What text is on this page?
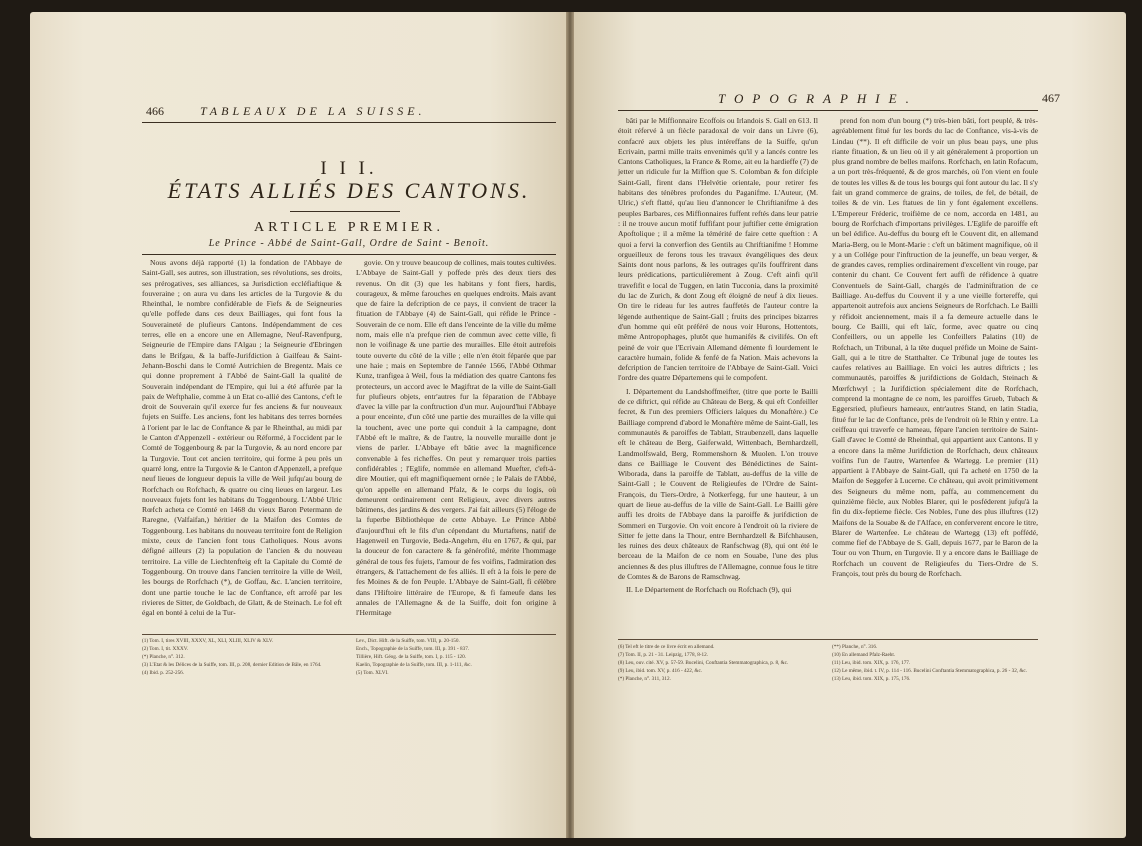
466	TABLEAUX DE LA SUISSE.
I I I.
ÉTATS ALLIÉS DES CANTONS.
ARTICLE PREMIER.
Le Prince - Abbé de Saint-Gall, Ordre de Saint - Benoît.

Nous avons déjà rapporté (1) la fondation de l'Abbaye de Saint-Gall, ses autres, son illustration, ses révolutions, ses droits, ses prérogatives, ses alliances, sa Jurisdiction eccléfiaftique & fouveraine ; on aura vu dans les articles de la Turgovie & du Rheinthal, le nombre confidérable de Fiefs & de Seigneuries qu'elle poffede dans ces deux Bailliages, qui font fous la Souveraineté de plufieurs Cantons. Indépendamment de ces terres, elle en a encore une en Allemagne, Neuf-Ravenfpurg, Seigneurie de l'Empire dans l'Algau ; la Seigneurie d'Ebringen dans le Brifgau, & la baffe-Jurifdiction à Gailfeau & Saint-Jehann-Boschi dans le Comté Autrichien de Bregentz. Mais ce qui donne proprement à l'Abbé de Saint-Gall la qualité de Souverain indépendant de l'Empire, qui lui a été affurée par la paix de Weftphalie, comme à un Etat co-allié des Cantons, c'eft le droit de Souverain qu'il exerce fur fes anciens & fur nouveaux fujets en Suiffe. Les anciens, font les habitans des terres bornées à l'orient par le lac de Conftance & par le Rheinthal, au midi par le Canton d'Appenzell - extérieur ou Réformé, à l'occident par le Comté de Toggenbourg & par la Turgovie, & au nord encore par la Turgovie. Tout cet ancien territoire, qui forme à peu près un quarré long, entre la Turgovie & le Canton d'Appenzell, a prefque neuf lieues de longueur depuis la ville de Weil jufqu'au bourg de Rorfchach ou Rofchach, & quatre ou cinq lieues en largeur. Les nouveaux fujets font les habitans du Toggenbourg. L'Abbé Ulric Rœfch acheta ce Comté en 1468 du vieux Baron Petermann de Raregne, (Valfaifan,) héritier de la Maifon des Comtes de Toggenbourg. Les habitans du nouveau territoire font de Religion mixte, ceux de l'ancien font tous Catholiques. Nous avons défigné ailleurs (2) la population de l'ancien & du nouveau territoire. La ville de Liechtenfteig eft la Capitale du Comté de Toggenbourg. On trouve dans l'ancien territoire la ville de Weil, les bourgs de Rorfchach (*), de Goffau, &c. L'ancien territoire, dont une partie touche le lac de Conftance, eft arrofé par les rivieres de Sitter, de Goldbach, de Glatt, & de Steinach. Le fol eft égal en bonté à celui de la Tur-

govie. On y trouve beaucoup de collines, mais toutes cultivées. L'Abbaye de Saint-Gall y poffede près des deux tiers des revenus. On dit (3) que les habitans y font fiers, hardis, courageux, & même farouches en quelques endroits. Mais avant que de faire la defcription de ce pays, il convient de tracer la fituation de l'Abbaye (4) de Saint-Gall, qui réfide le Prince - Souverain de ce nom. Elle eft dans l'enceinte de la ville du même nom, mais elle n'a prefque rien de commun avec cette ville, fi non le voifinage & une partie des murailles. Elle étoit autrefois toute ouverte du côté de la ville ; elle n'en étoit féparée que par une haie ; mais en Septembre de l'année 1566, l'Abbé Othmar Kunz, tranfigea à Weil, fous la médiation des quatre Cantons fes protecteurs, un accord avec le Magiftrat de la ville de Saint-Gall fur plufieurs objets, entr'autres fur la féparation de l'Abbaye d'avec la ville par la conftruction d'un mur. Aujourd'hui l'Abbaye a pour enceinte, d'un côté une partie des murailles de la ville qui la touchent, avec une porte qui conduit à la campagne, dont l'Abbé eft le maître, & de l'autre, la nouvelle muraille dont je viens de parler. L'Abbaye eft bâtie avec la magnificence convenable à fes richeffes. On peut y remarquer trois parties confidérables ; l'Eglife, nommée en allemand Muefter, c'eft-à-dire Moutier, qui eft magnifiquement ornée ; le Palais de l'Abbé, qu'on appelle en allemand Pfalz, & le corps du logis, où demeurent ordinairement cent Religieux, avec divers autres bâtimens, des jardins & des vergers. J'ai fait ailleurs (5) l'éloge de la fuperbe Bibliothèque de cette Abbaye. Le Prince Abbé d'aujourd'hui eft le fils d'un cépendant du Murtaftens, natif de Hagenweil en Turgovie, Beda-Angehrn, élu en 1767, & qui, par la douceur de fon caractere & fa générofité, mérite l'hommage général de tous fes fujets, l'amour de fes voifins, l'admiration des étrangers, & l'attachement de fes alliés. Il eft à la fois le pere de fes Moines & de fon Peuple. L'Abbaye de Saint-Gall, fi célèbre dans l'Hiftoire littéraire de l'Europe, & fi fameufe dans les annales de l'Allemagne & de la Suiffe, doit fon origine à l'Hermitage

(1) Tom. I, tires XVIII, XXXV, XL, XLI, XLIII, XLIV & XLV.
(2) Tom. I, tit. XXXV.
(*) Planche, n°. 312.
(3) L'Etat & les Délices de la Suiffe, tom. III, p. 208, dernier Edition de Bâle, en 1764.
(4) Ibid. p. 252-256.
Lev., Dict. Hift. de la Suiffe, tom. VIII, p. 20-150.
Ench., Topographie de la Suiffe, tom. III, p. 391 - 837.
Tillière, Hift. Géog. de la Suiffe, tom. I, p. 115 - 120.
Kaelin, Topographie de la Suiffe, tom. III, p. 1-111, &c.
(5) Tom. XLVI.
TOPOGRAPHIE.	467

bâti par le Miffionnaire Ecoffois ou Irlandois S. Gall en 613. Il étoit réfervé à un fiècle paradoxal de voir dans un Livre (6), confacré aux objets les plus intéreffans de la Suiffe, qu'un Ecrivain, parmi mille traits envenimés qu'il y a lancés contre les Cantons Catholiques, la France & Rome, ait eu la hardieffe (7) de jetter un ridicule fur la Miffion que S. Colomban & fon difciple Saint-Gall, firent dans l'Helvétie orientale, pour retirer fes habitans des ténèbres profondes du Paganifme. L'Auteur, (M. Ulric,) s'eft flatté, qu'au lieu d'annoncer le Chriftianifme à des peuples Barbares, ces Miffionnaires fuffent reftés dans leur patrie : il ne trouve aucun motif fuffifant pour juftifier cette émigration Apoftolique ; il a même la témérité de faire cette queftion : A quoi a fervi la converfion des Gentils au Chriftianifme ! Homme orgueilleux de ferons tous les travaux évangéliques des deux Saints dont nous parlons, & les outrages qu'ils fouffrirent dans leurs prédications, particulièrement à Zoug. C'eft ainfi qu'il travefifit e local de Tuggen, en latin Tucconia, dans la proximité du lac de Zurich, & dont Zoug eft éloigné de neuf à dix lieues. On tire le rideau fur les autres fauffetés de l'auteur contre la légende authentique de Saint-Gall ; fruits des principes bizarres d'un homme qui eût préféré de nous voir Hurons, Hottentots, même Antropophages, plutôt que humanifés & civilifés. On eft peiné de voir que l'Ecrivain Allemand démente fi lourdement le caractère humain, folide & fenfé de fa Nation. Mais achevons la defcription de l'ancien territoire de l'Abbaye de Saint-Gall. Voici l'ordre des quatre Départemens qui le compofent.

I. Département du Landshoffmeifter, (titre que porte le Bailli de ce diftrict, qui réfide au Château de Berg, & qui eft Confeiller fecret, & l'un des premiers Officiers laïques du Monaftère.) Ce Bailliage comprend d'abord le Monaftère même de Saint-Gall, les communautés & paroiffes de Tablatt, Straubenzell, dans laquelle eft le château de Berg, Gaiferwald, Wittenbach, Bernhardzell, Landmolfswald, Berg, Rommenshorn & Muolen. L'on trouve dans ce Bailliage le Couvent des Bénédictines de Saint-Wiborada, dans la paroiffe de Tablatt, au-deffus de la ville de Saint-Gall ; le Couvent de Religieufes de l'Ordre de Saint-François, du Tiers-Ordre, à Notkerfegg, fur une hauteur, à un quart de lieue au-deffus de la ville de Saint-Gall. Le Bailli gère auffi les droits de l'Abbaye dans la paroiffe & jurifdiction de Sommeri en Turgovie. On voit encore à l'endroit où la riviere de Sitter fe jette dans la Thour, entre Bernhardzell & Bifchhausen, les ruines des deux châteaux de Ranfschwag (8), qui ont été le berceau de la Maifon de ce nom en Souabe, l'une des plus anciennes & des plus illuftres de l'Allemagne, connue fous le titre de Comtes & de Barons de Ramschwag.

II. Le Département de Rorfchach ou Rofchach (9), qui

prend fon nom d'un bourg (*) très-bien bâti, fort peuplé, & très-agréablement fitué fur les bords du lac de Conftance, vis-à-vis de Lindau (**). Il eft difficile de voir un plus beau pays, une plus riante fituation, & un lieu où il y ait généralement à proportion un plus grand nombre de belles maifons. Rorfchach, en latin Rofacum, a un port très-fréquenté, & de gros marchés, où l'on vient en foule de toutes les villes & de tous les bourgs qui font autour du lac. Il s'y fait un grand commerce de grains, de toiles, de fel, de bétail, de toiles & de vin. Les ftatues de lin y font également excellens. L'Empereur Fréderic, troifième de ce nom, accorda en 1481, au bourg de Rorfchach d'importans privilèges. L'Eglife de paroiffe eft un bel édifice. Au-deffus du bourg eft le Couvent dit, en allemand Maria-Berg, ou le Mont-Marie : c'eft un bâtiment magnifique, où il y a un Collége pour l'inftruction de la jeuneffe, un beau verger, & de grandes caves, remplies ordinairement d'excellent vin rouge, par contenir du chant. Ce Couvent fert auffi de réfidence à quatre Conventuels de Saint-Gall, chargés de l'adminiftration de ce Bailliage. Au-deffus du Couvent il y a une vieille fortereffe, qui appartenoit autrefois aux anciens Seigneurs de Rorfchach. Le Bailli y réfidoit anciennement, mais il a fa demeure actuelle dans le bourg. Ce Bailli, qui eft laïc, forme, avec quatre ou cinq Confeillers, ou un appelle les Confeillers Palatins (10) de Rofchach, un Tribunal, à la tête duquel préfide un Moine de Saint-Gall, qui a le titre de Statthalter. Ce Tribunal juge de toutes les caufes relatives au Bailliage. En voici les autres diftricts ; les communautés, paroiffes & jurifdictions de Goldach, Steinach & Mœrfchwyl ; la Jurifdiction spécialement dite de Rorfchach, comprend la montagne de ce nom, les paroiffes Grueb, Tubach & Eggersried, plufieurs hameaux, entr'autres Stand, en latin Stadia, fitué fur le lac de Conftance, près de l'endroit où le Rhin y entre. La ceiffeau qui traverfe ce hameau, fépare l'ancien territoire de Saint-Gall d'avec le Comté de Rheinthal, qui appartient aux Cantons. Il y a encore dans la même Jurifdiction de Rorfchach, deux châteaux voifins l'un de l'autre, Wartenfee & Wartegg. Le premier (11) appartient à l'Abbaye de Saint-Gall, qui l'a acheté en 1750 de la Maifon de Seggefer à Lucerne. Ce château, qui avoit primitivement des Seigneurs du même nom, paffa, au commencement du quinzième fiècle, aux Nobles Blarer, qui le posféderent jufqu'à la fin du dix-feptieme fiècle. Ces Nobles, l'une des plus illuftres (12) Maifons de la Souabe & de l'Alface, en conferverent encore le titre, Blarer de Wartenfee. Le château de Wartegg (13) eft poffédé, comme fief de l'Abbaye de S. Gall, depuis 1677, par le Baron de la Tour ou von Thurn, en Turgovie. Il y a encore dans le Bailliage de Rorfchach un couvent de Religieufes du Tiers-Ordre de S. François, tout près du bourg de Rorfchach.

(6) Tel eft le titre de ce livre écrit en allemand.
(7) Tom. II, p. 21 - 31. Leipzig, 1778, 8-12.
(8) Leu, ouv. cité. XV, p. 57-59. Bucelini, Conftantia Stemmatographica, p. 8, &c.
(9) Leu, ibid. tom. XV, p. 416 - 422, &c.
(*) Planche, n°. 311, 312.
(**) Planche, n°. 316.
(10) En allemand Pfalz-Raeht.
(11) Leu, ibid. tom. XIX, p. 176, 177.
(12) Le même, ibid. t. IV, p. 114 - 116. Bucelini Conftantia Stemmatographica, p. 26 - 32, &c.
(13) Leu, ibid. tom. XIX, p. 175, 176.
